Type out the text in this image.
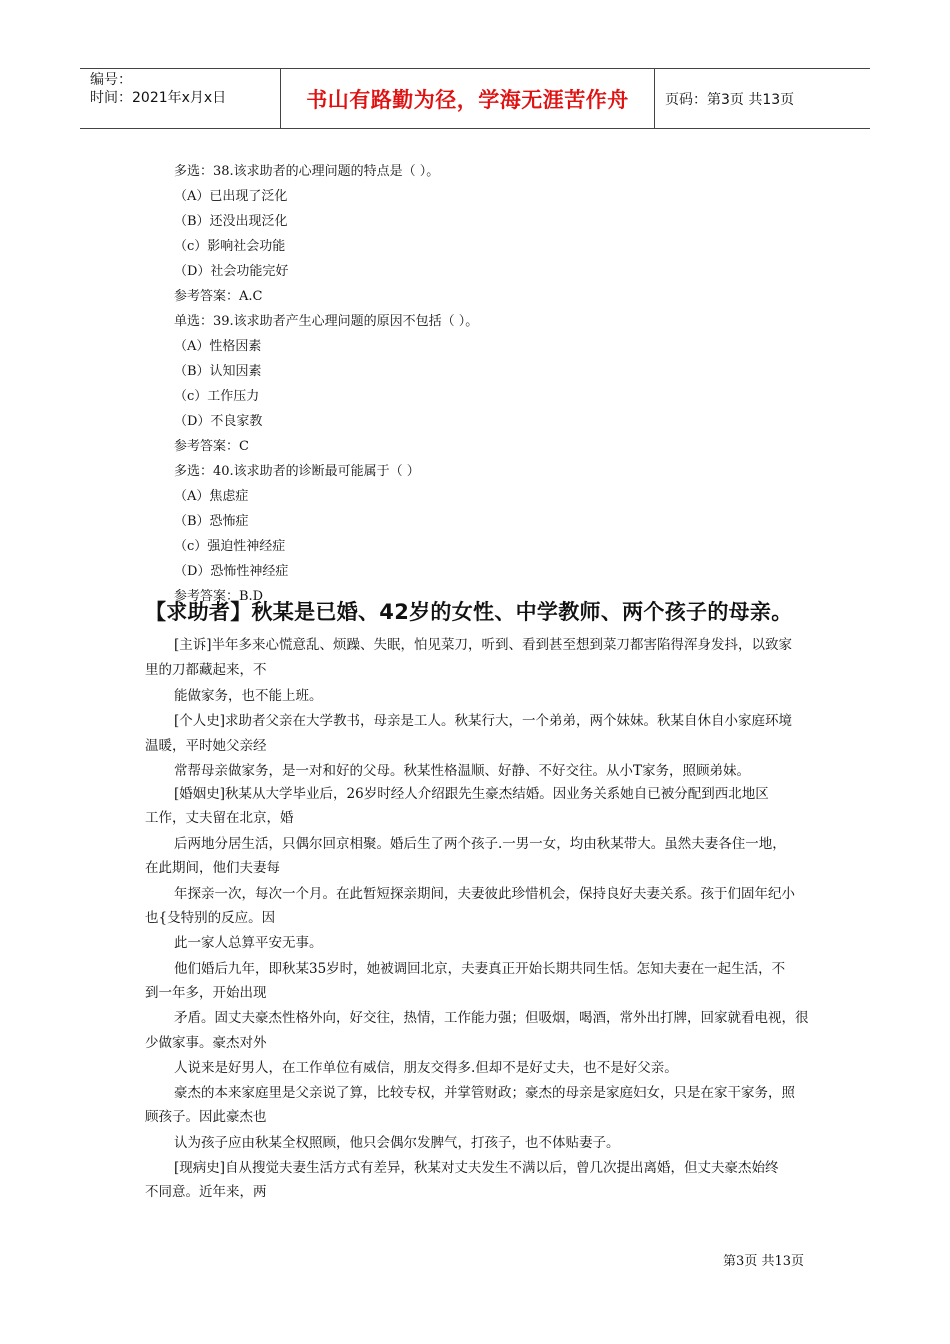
编号：
时间：2021年x月x日	书山有路勤为径，学海无涯苦作舟	页码：第3页 共13页
多选：38.该求助者的心理问题的特点是（ ）。
（A）已出现了泛化
（B）还没出现泛化
（c）影响社会功能
（D）社会功能完好
参考答案：A.C
单选：39.该求助者产生心理问题的原因不包括（ ）。
（A）性格因素
（B）认知因素
（c）工作压力
（D）不良家教
参考答案：C
多选：40.该求助者的诊断最可能属于（ ）
（A）焦虑症
（B）恐怖症
（c）强迫性神经症
（D）恐怖性神经症
参考答案：B.D
【求助者】秋某是已婚、42岁的女性、中学教师、两个孩子的母亲。
[主诉]半年多来心慌意乱、烦躁、失眠，怕见菜刀，听到、看到甚至想到菜刀都害陷得浑身发抖，以致家
里的刀都藏起来，不
能做家务，也不能上班。
[个人史]求助者父亲在大学教书，母亲是工人。秋某行大，一个弟弟，两个妹妹。秋某自休自小家庭环境
温暖，平时她父亲经
常帮母亲做家务，是一对和好的父母。秋某性格温顺、好静、不好交往。从小T家务，照顾弟妹。
[婚姻史]秋某从大学毕业后，26岁时经人介绍跟先生豪杰结婚。因业务关系她自已被分配到西北地区
工作，丈夫留在北京，婚
后两地分居生活，只偶尔回京相聚。婚后生了两个孩子.一男一女，均由秋某带大。虽然夫妻各住一地，
在此期间，他们夫妻每
年探亲一次，每次一个月。在此暂短探亲期间，夫妻彼此珍惜机会，保持良好夫妻关系。孩于们固年纪小
也{殳特别的反应。因
此一家人总算平安无事。
他们婚后九年，即秋某35岁时，她被调回北京，夫妻真正开始长期共同生恬。怎知夫妻在一起生活，不
到一年多，开始出现
矛盾。固丈夫豪杰性格外向，好交往，热情，工作能力强；但吸烟，喝酒，常外出打牌，回家就看电视，很
少做家事。豪杰对外
人说来是好男人，在工作单位有威信，朋友交得多.但却不是好丈夫，也不是好父亲。
豪杰的本来家庭里是父亲说了算，比较专权，并掌管财政；豪杰的母亲是家庭妇女，只是在家干家务，照
顾孩子。因此豪杰也
认为孩子应由秋某全权照顾，他只会偶尔发脾气，打孩子，也不体贴妻子。
[现病史]自从搜觉夫妻生活方式有差异，秋某对丈夫发生不满以后，曾几次提出离婚，但丈夫豪杰始终
不同意。近年来，两
第3页 共13页
